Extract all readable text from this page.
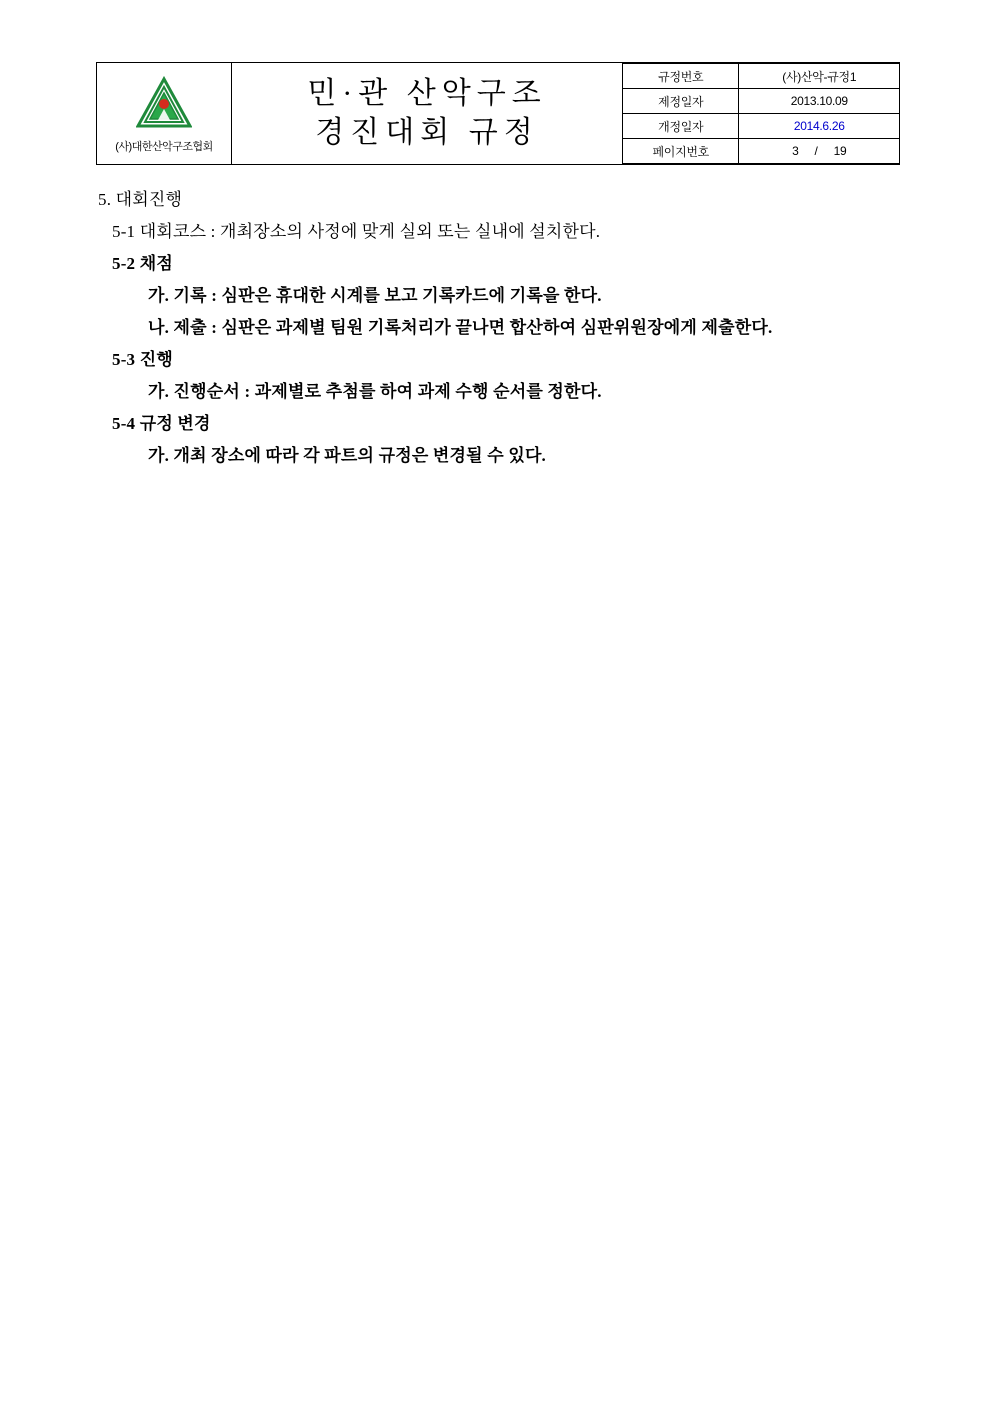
(사)대한산악구조협회

민·관 산악구조
경진대회 규정

규정번호	(사)산악-규정1
제정일자	2013.10.09
개정일자	2014.6.26
페이지번호	3 / 19
5. 대회진행
5-1 대회코스 : 개최장소의 사정에 맞게 실외 또는 실내에 설치한다.
5-2 채점
가. 기록 : 심판은 휴대한 시계를 보고 기록카드에 기록을 한다.
나. 제출 : 심판은 과제별 팀원 기록처리가 끝나면 합산하여 심판위원장에게 제출한다.
5-3 진행
가. 진행순서 : 과제별로 추첨를 하여 과제 수행 순서를 정한다.
5-4 규정 변경
가. 개최 장소에 따라 각 파트의 규정은 변경될 수 있다.
